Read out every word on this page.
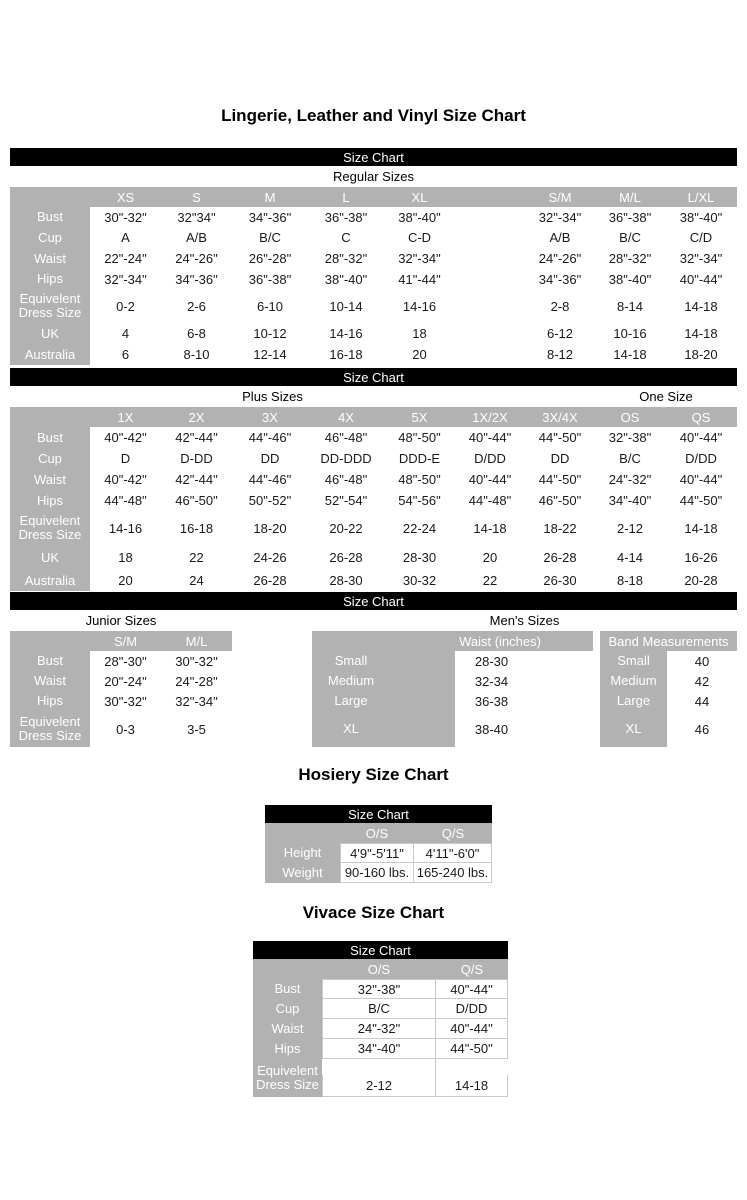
Lingerie, Leather and Vinyl Size Chart
Size Chart
Regular Sizes
XS	S	M	L	XL	S/M	M/L	L/XL
Bust	30"-32"	32"34"	34"-36"	36"-38"	38"-40"	32"-34"	36"-38"	38"-40"
Cup	A	A/B	B/C	C	C-D	A/B	B/C	C/D
Waist	22"-24"	24"-26"	26"-28"	28"-32"	32"-34"	24"-26"	28"-32"	32"-34"
Hips	32"-34"	34"-36"	36"-38"	38"-40"	41"-44"	34"-36"	38"-40"	40"-44"
Equivelent Dress Size	0-2	2-6	6-10	10-14	14-16	2-8	8-14	14-18
UK	4	6-8	10-12	14-16	18	6-12	10-16	14-18
Australia	6	8-10	12-14	16-18	20	8-12	14-18	18-20
Size Chart
Plus Sizes	One Size
1X	2X	3X	4X	5X	1X/2X	3X/4X	OS	QS
Bust	40"-42"	42"-44"	44"-46"	46"-48"	48"-50"	40"-44"	44"-50"	32"-38"	40"-44"
Cup	D	D-DD	DD	DD-DDD	DDD-E	D/DD	DD	B/C	D/DD
Waist	40"-42"	42"-44"	44"-46"	46"-48"	48"-50"	40"-44"	44"-50"	24"-32"	40"-44"
Hips	44"-48"	46"-50"	50"-52"	52"-54"	54"-56"	44"-48"	46"-50"	34"-40"	44"-50"
Equivelent Dress Size	14-16	16-18	18-20	20-22	22-24	14-18	18-22	2-12	14-18
UK	18	22	24-26	26-28	28-30	20	26-28	4-14	16-26
Australia	20	24	26-28	28-30	30-32	22	26-30	8-18	20-28
Size Chart
Junior Sizes
S/M	M/L
Bust	28"-30"	30"-32"
Waist	20"-24"	24"-28"
Hips	30"-32"	32"-34"
Equivelent Dress Size	0-3	3-5
Men's Sizes
Waist (inches)
Small	28-30
Medium	32-34
Large	36-38
XL	38-40
Band Measurements
Small	40
Medium	42
Large	44
XL	46
Hosiery Size Chart
Size Chart
O/S	Q/S
Height	4'9"-5'11"	4'11"-6'0"
Weight	90-160 lbs. 165-240 lbs.
Vivace Size Chart
Size Chart
O/S	Q/S
Bust	32"-38"	40"-44"
Cup	B/C	D/DD
Waist	24"-32"	40"-44"
Hips	34"-40"	44"-50"
Equivelent Dress Size	2-12	14-18
